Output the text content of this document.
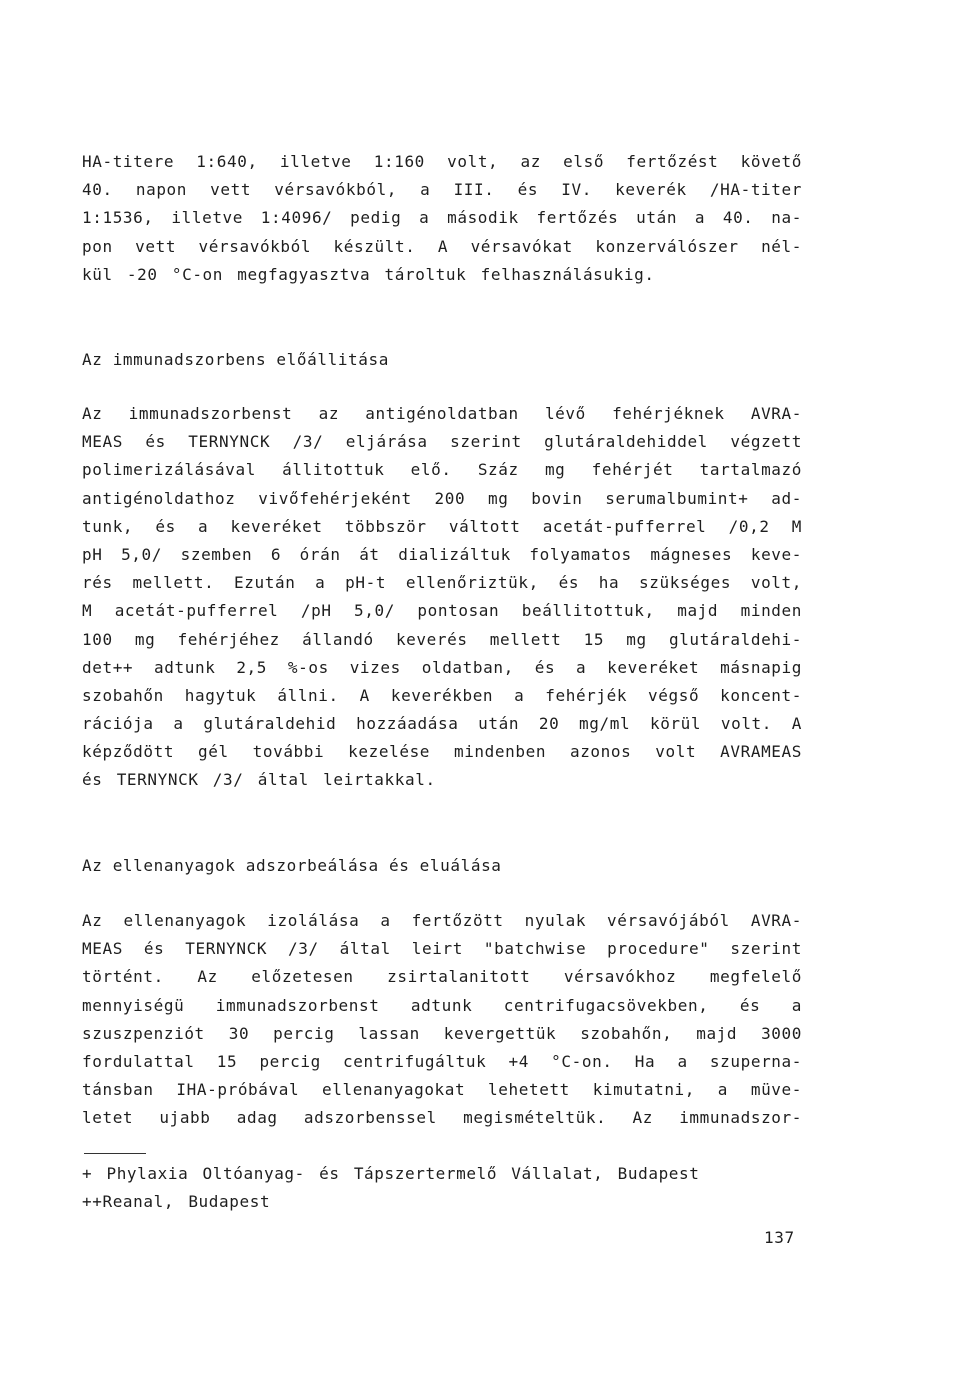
HA-titere 1:640, illetve 1:160 volt, az első fertőzést követő
40. napon vett vérsavókból, a III. és IV. keverék /HA-titer
1:1536, illetve 1:4096/ pedig a második fertőzés után a 40. na-
pon vett vérsavókból készült. A vérsavókat konzerválószer nél-
kül -20 °C-on megfagyasztva tároltuk felhasználásukig.
Az immunadszorbens előállitása
Az immunadszorbenst az antigénoldatban lévő fehérjéknek AVRA-
MEAS és TERNYNCK /3/ eljárása szerint glutáraldehiddel végzett
polimerizálásával állitottuk elő. Száz mg fehérjét tartalmazó
antigénoldathoz vivőfehérjeként 200 mg bovin serumalbumint+ ad-
tunk, és a keveréket többször váltott acetát-pufferrel /0,2 M
pH 5,0/ szemben 6 órán át dializáltuk folyamatos mágneses keve-
rés mellett. Ezután a pH-t ellenőriztük, és ha szükséges volt,
M acetát-pufferrel /pH 5,0/ pontosan beállitottuk, majd minden
100 mg fehérjéhez állandó keverés mellett 15 mg glutáraldehi-
det++ adtunk 2,5 %-os vizes oldatban, és a keveréket másnapig
szobahőn hagytuk állni. A keverékben a fehérjék végső koncent-
rációja a glutáraldehid hozzáadása után 20 mg/ml körül volt. A
képződött gél további kezelése mindenben azonos volt AVRAMEAS
és TERNYNCK /3/ által leirtakkal.
Az ellenanyagok adszorbeálása és eluálása
Az ellenanyagok izolálása a fertőzött nyulak vérsavójából AVRA-
MEAS és TERNYNCK /3/ által leirt "batchwise procedure" szerint
történt. Az előzetesen zsirtalanitott vérsavókhoz megfelelő
mennyiségü immunadszorbenst adtunk centrifugacsövekben, és a
szuszpenziót 30 percig lassan kevergettük szobahőn, majd 3000
fordulattal 15 percig centrifugáltuk +4 °C-on. Ha a szuperna-
tánsban IHA-próbával ellenanyagokat lehetett kimutatni, a müve-
letet ujabb adag adszorbenssel megismételtük. Az immunadszor-
+ Phylaxia Oltóanyag- és Tápszertermelő Vállalat, Budapest
++Reanal, Budapest
137
